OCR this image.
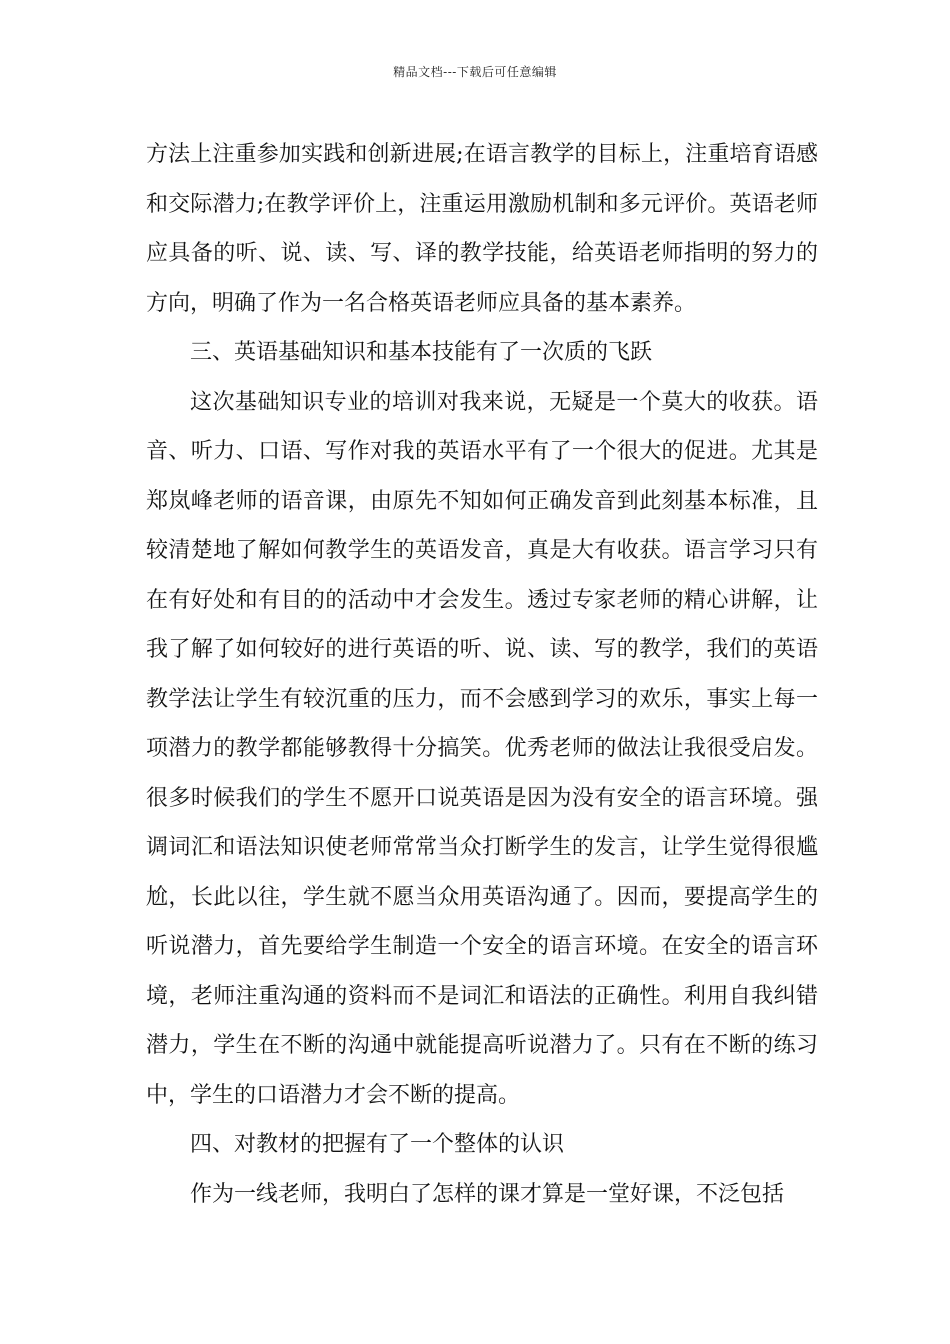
精品文档---下载后可任意编辑

方法上注重参加实践和创新进展;在语言教学的目标上，注重培育语感和交际潜力;在教学评价上，注重运用激励机制和多元评价。英语老师应具备的听、说、读、写、译的教学技能，给英语老师指明的努力的方向，明确了作为一名合格英语老师应具备的基本素养。

三、英语基础知识和基本技能有了一次质的飞跃

这次基础知识专业的培训对我来说，无疑是一个莫大的收获。语音、听力、口语、写作对我的英语水平有了一个很大的促进。尤其是郑岚峰老师的语音课，由原先不知如何正确发音到此刻基本标准，且较清楚地了解如何教学生的英语发音，真是大有收获。语言学习只有在有好处和有目的的活动中才会发生。透过专家老师的精心讲解，让我了解了如何较好的进行英语的听、说、读、写的教学，我们的英语教学法让学生有较沉重的压力，而不会感到学习的欢乐，事实上每一项潜力的教学都能够教得十分搞笑。优秀老师的做法让我很受启发。很多时候我们的学生不愿开口说英语是因为没有安全的语言环境。强调词汇和语法知识使老师常常当众打断学生的发言，让学生觉得很尴尬，长此以往，学生就不愿当众用英语沟通了。因而，要提高学生的听说潜力，首先要给学生制造一个安全的语言环境。在安全的语言环境，老师注重沟通的资料而不是词汇和语法的正确性。利用自我纠错潜力，学生在不断的沟通中就能提高听说潜力了。只有在不断的练习中，学生的口语潜力才会不断的提高。

四、对教材的把握有了一个整体的认识

作为一线老师，我明白了怎样的课才算是一堂好课，不泛包括
